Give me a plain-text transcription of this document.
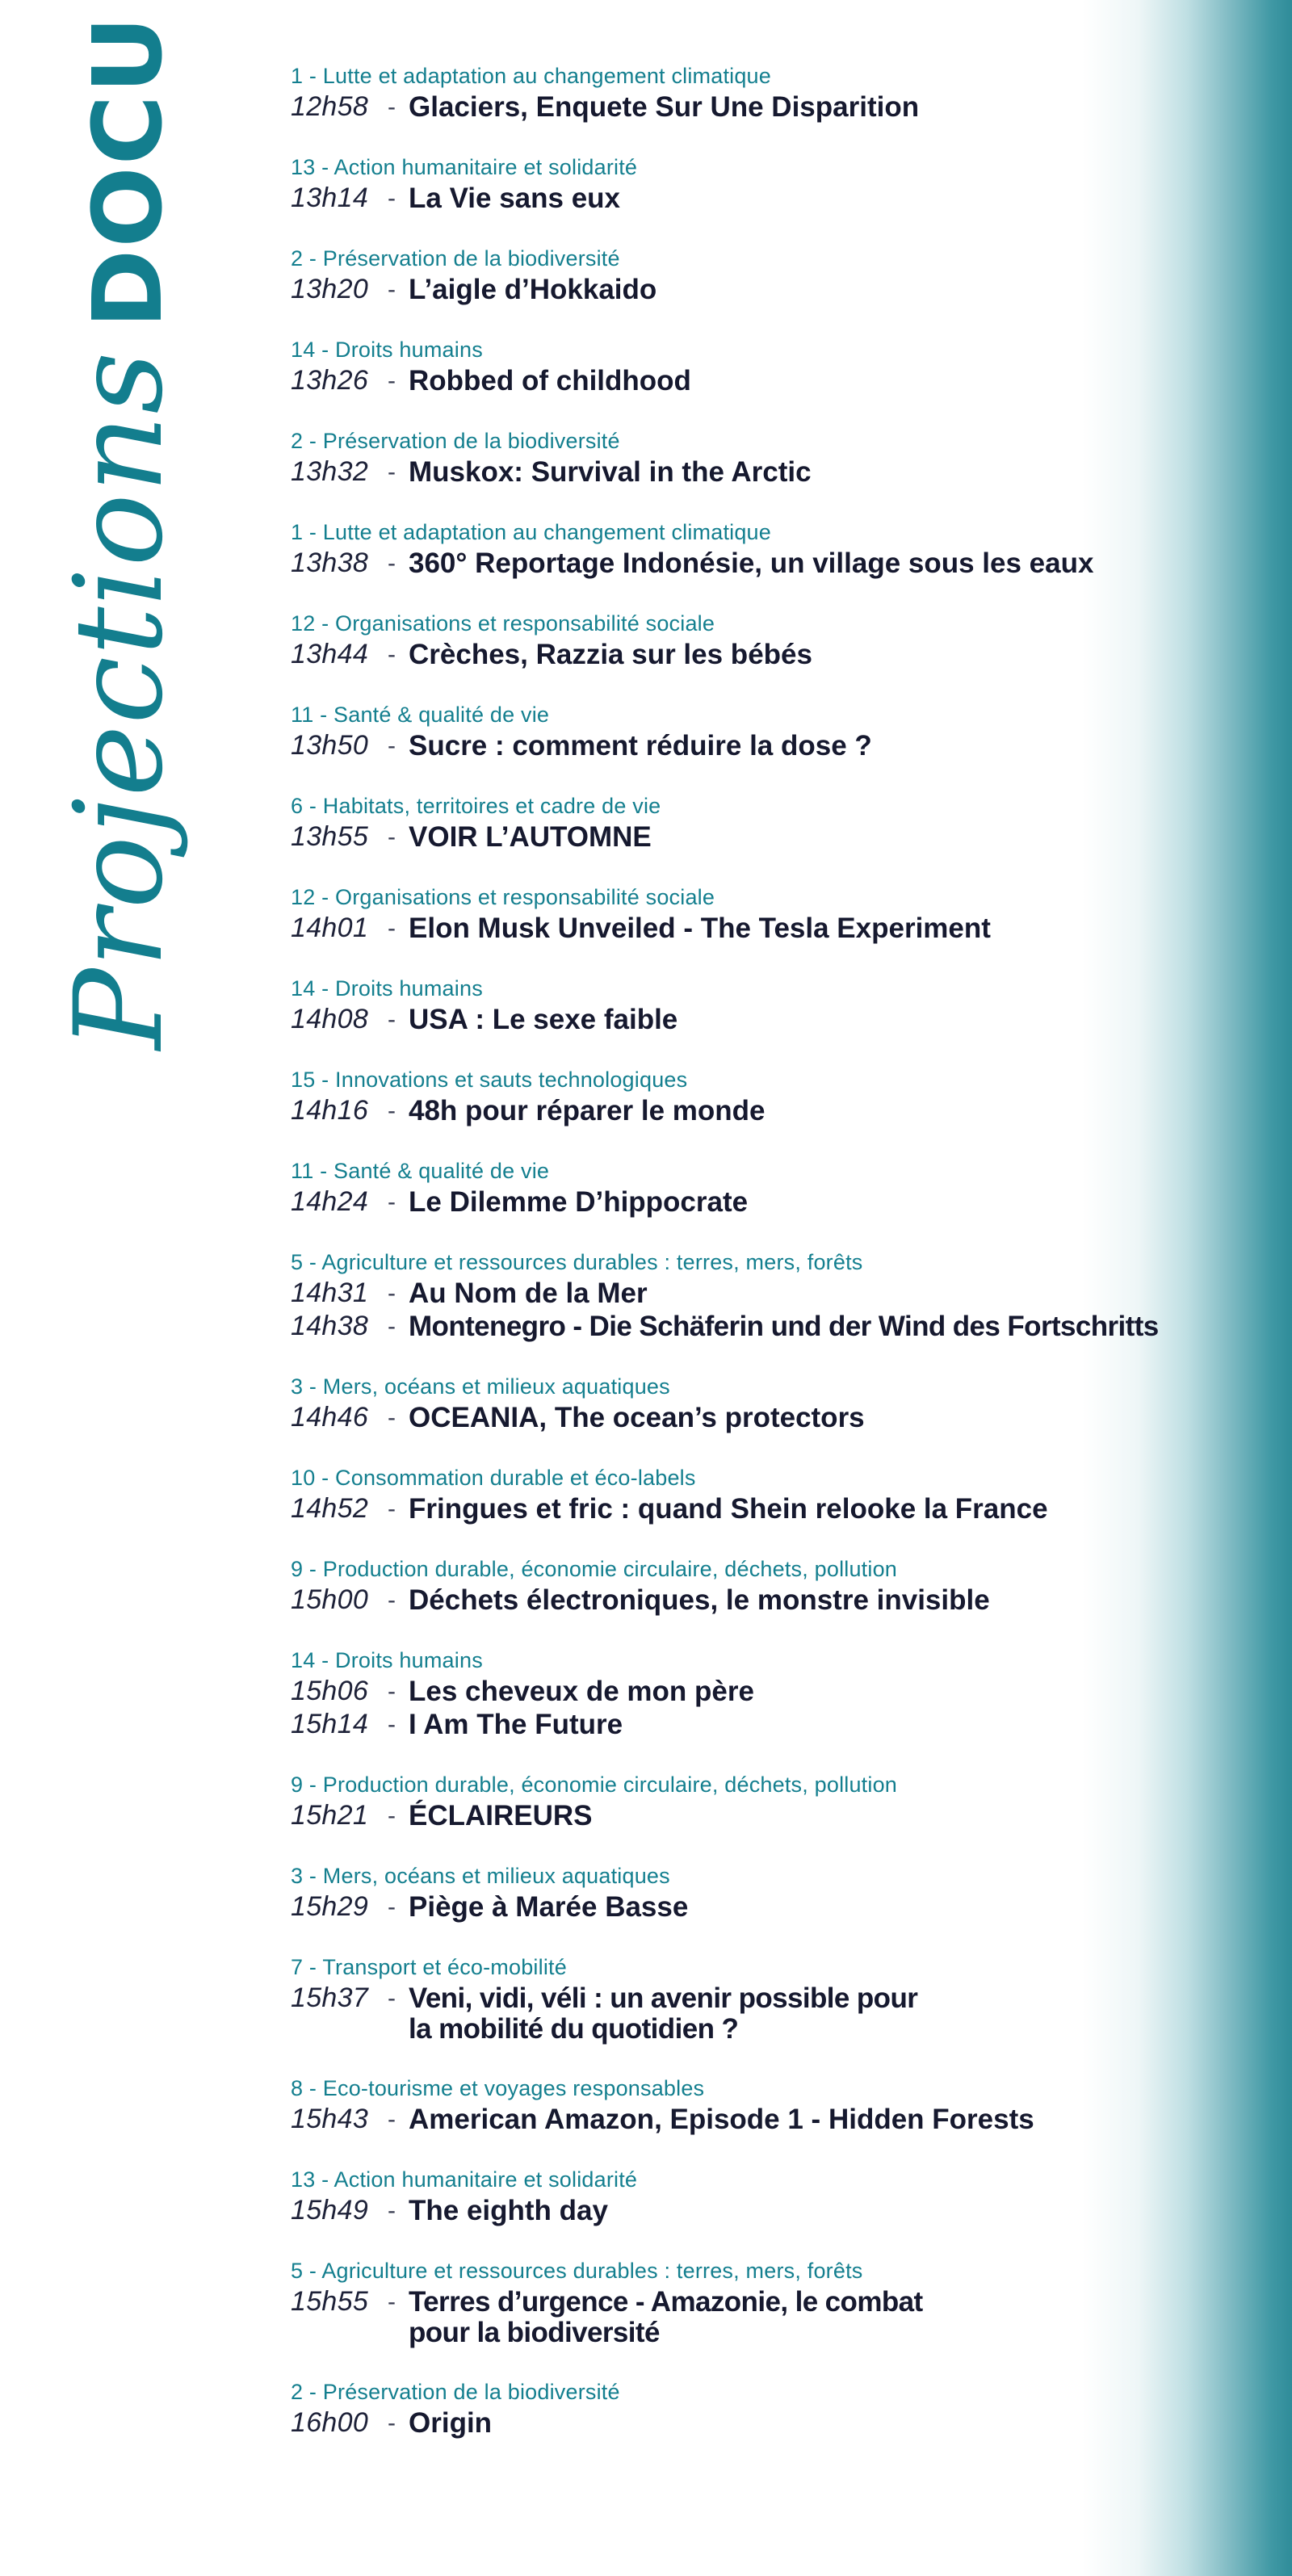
Projections
DOCU	1 - Lutte et adaptation au changement climatique
12h58 - Glaciers, Enquete Sur Une Disparition
13 - Action humanitaire et solidarité
13h14 - La Vie sans eux
2 - Préservation de la biodiversité
13h20 - L’aigle d’Hokkaido
14 - Droits humains
13h26 - Robbed of childhood
2 - Préservation de la biodiversité
13h32 - Muskox: Survival in the Arctic
1 - Lutte et adaptation au changement climatique
13h38 - 360° Reportage Indonésie, un village sous les eaux
12 - Organisations et responsabilité sociale
13h44 - Crèches, Razzia sur les bébés
11 - Santé & qualité de vie
13h50 - Sucre : comment réduire la dose ?
6 - Habitats, territoires et cadre de vie
13h55 - VOIR L’AUTOMNE
12 - Organisations et responsabilité sociale
14h01 - Elon Musk Unveiled - The Tesla Experiment
14 - Droits humains
14h08 - USA : Le sexe faible
15 - Innovations et sauts technologiques
14h16 - 48h pour réparer le monde
11 - Santé & qualité de vie
14h24 - Le Dilemme D’hippocrate
5 - Agriculture et ressources durables : terres, mers, forêts
14h31 - Au Nom de la Mer
14h38 - Montenegro - Die Schäferin und der Wind des Fortschritts
3 - Mers, océans et milieux aquatiques
14h46 - OCEANIA, The ocean’s protectors
10 - Consommation durable et éco-labels
14h52 - Fringues et fric : quand Shein relooke la France
9 - Production durable, économie circulaire, déchets, pollution
15h00 - Déchets électroniques, le monstre invisible
14 - Droits humains
15h06 - Les cheveux de mon père
15h14 - I Am The Future
9 - Production durable, économie circulaire, déchets, pollution
15h21 - ÉCLAIREURS
3 - Mers, océans et milieux aquatiques
15h29 - Piège à Marée Basse
7 - Transport et éco-mobilité
15h37 - Veni, vidi, véli : un avenir possible pour
la mobilité du quotidien ?
8 - Eco-tourisme et voyages responsables
15h43 - American Amazon, Episode 1 - Hidden Forests
13 - Action humanitaire et solidarité
15h49 - The eighth day
5 - Agriculture et ressources durables : terres, mers, forêts
15h55 - Terres d’urgence - Amazonie, le combat
pour la biodiversité
2 - Préservation de la biodiversité
16h00 - Origin
